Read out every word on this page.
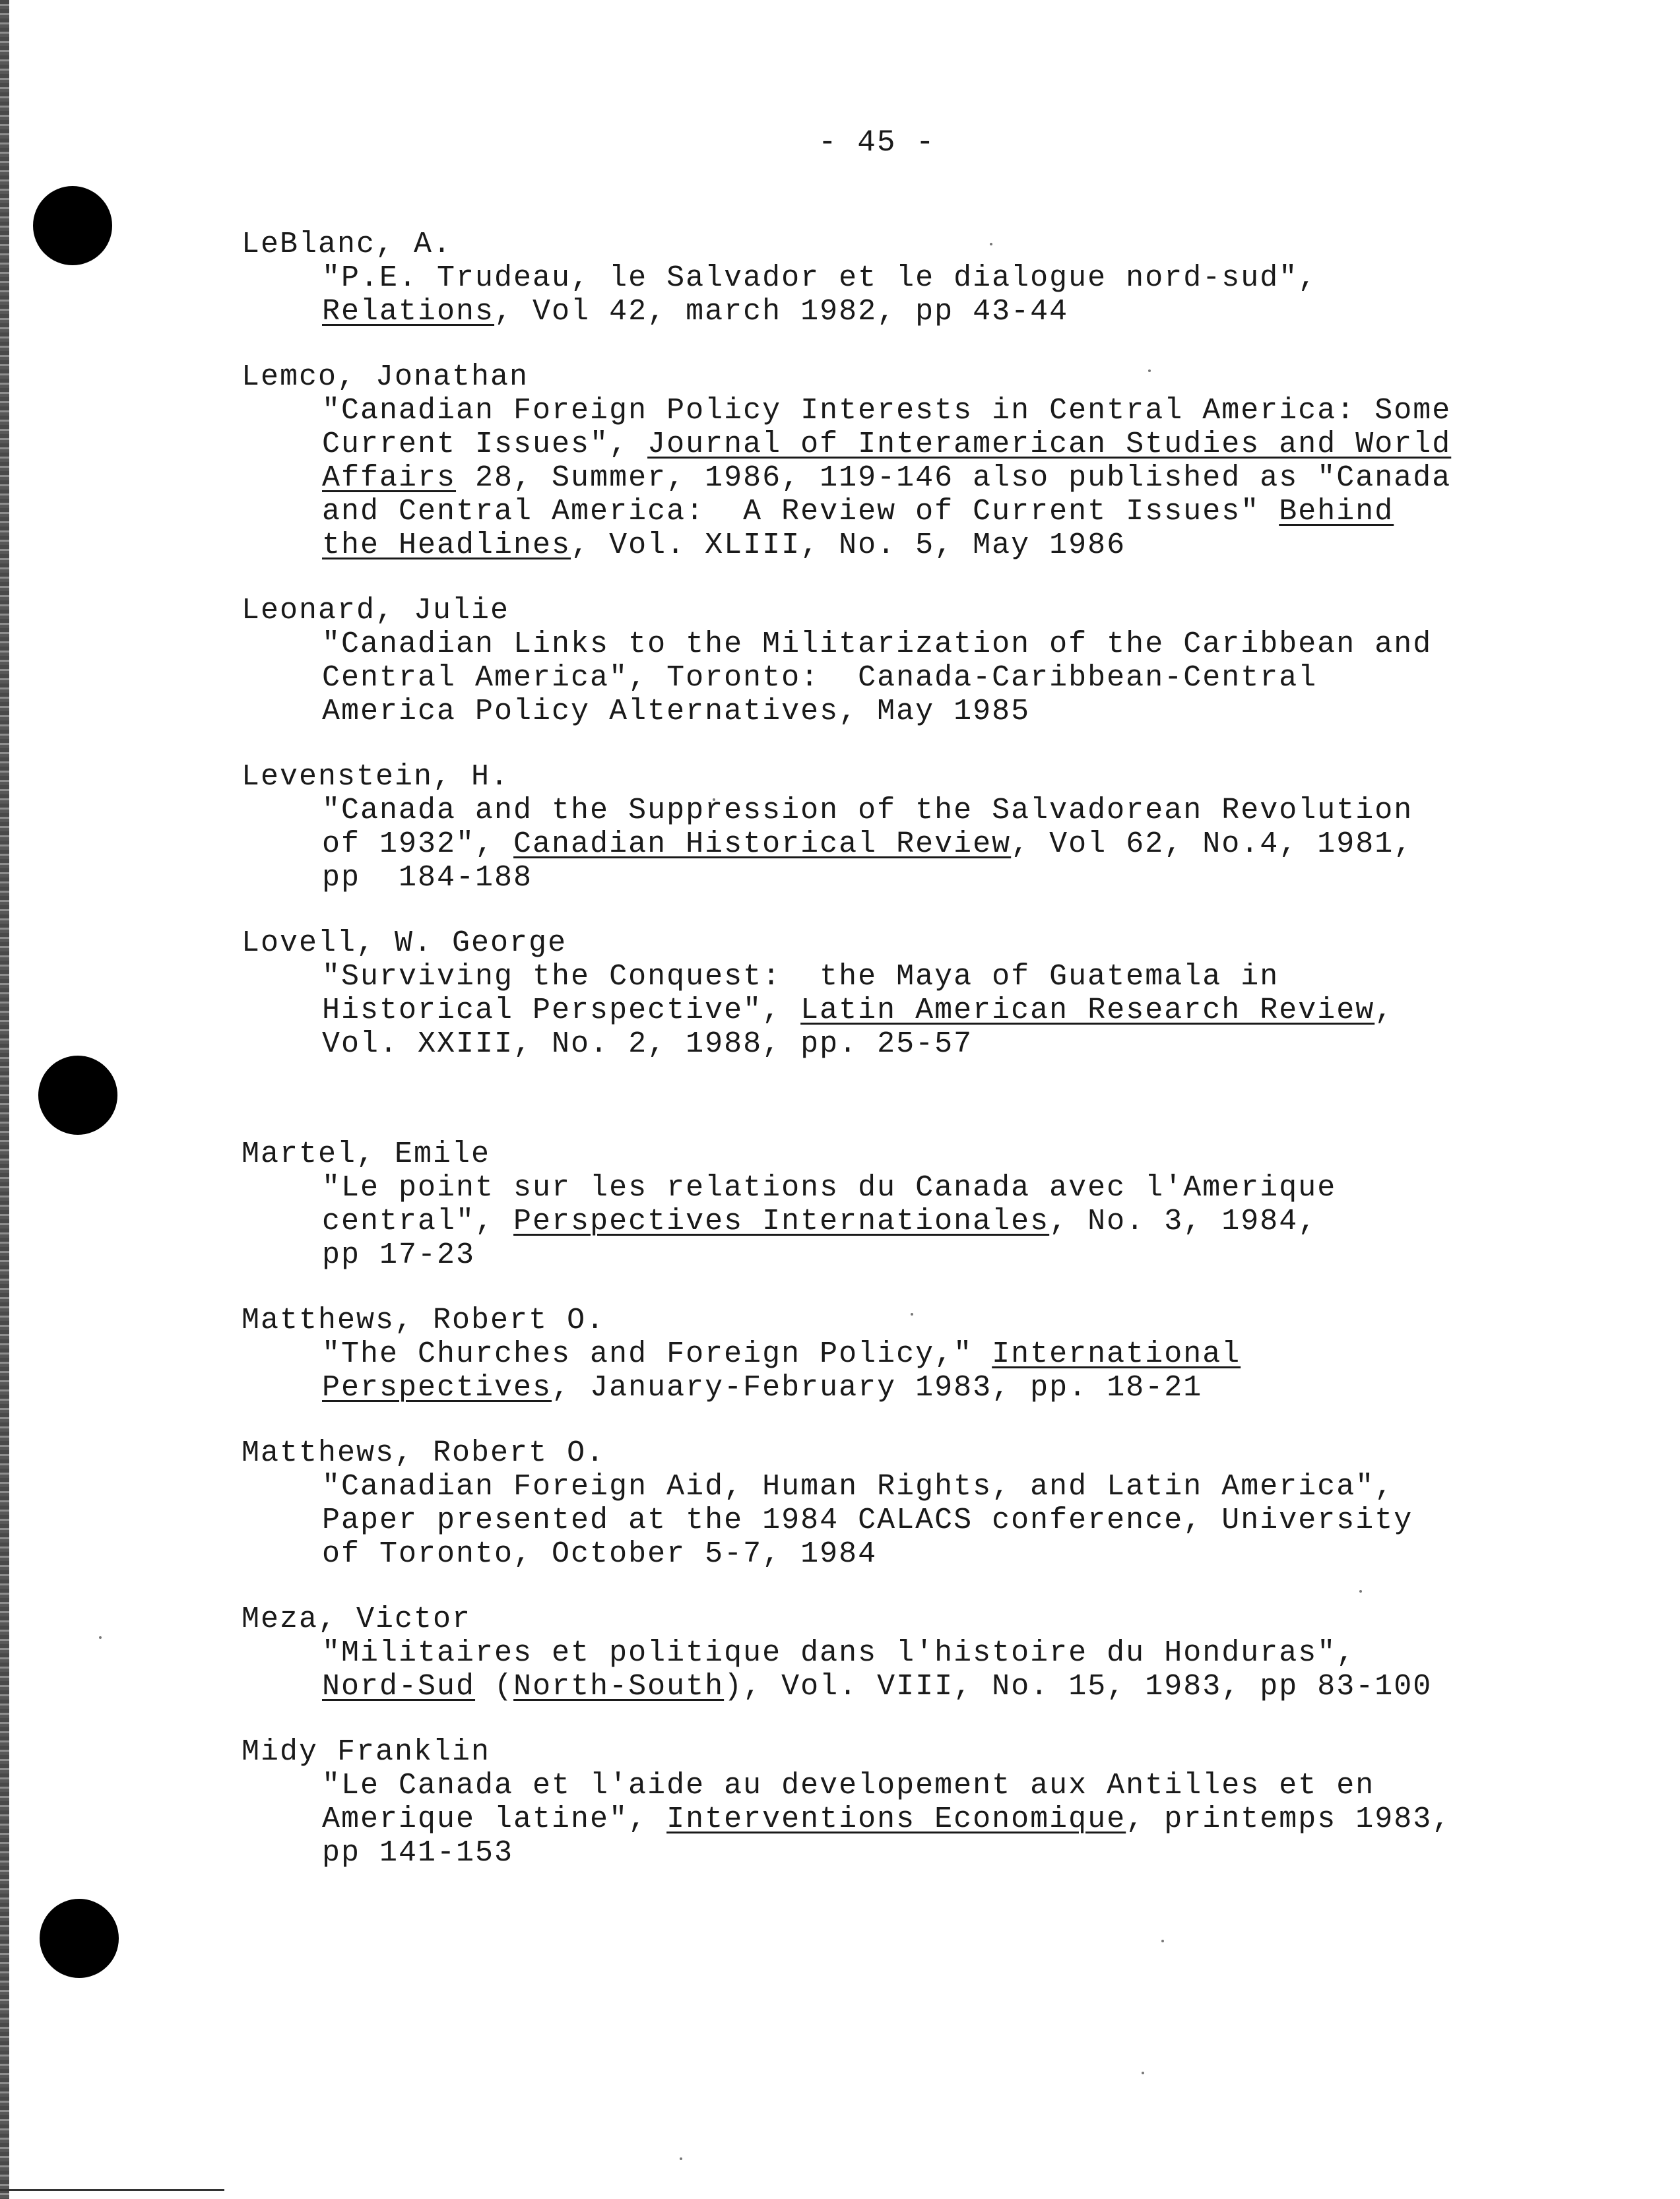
- 45 -
LeBlanc, A.
"P.E. Trudeau, le Salvador et le dialogue nord-sud",
Relations, Vol 42, march 1982, pp 43-44
Lemco, Jonathan
"Canadian Foreign Policy Interests in Central America: Some
Current Issues", Journal of Interamerican Studies and World
Affairs 28, Summer, 1986, 119-146 also published as "Canada
and Central America:  A Review of Current Issues" Behind
the Headlines, Vol. XLIII, No. 5, May 1986
Leonard, Julie
"Canadian Links to the Militarization of the Caribbean and
Central America", Toronto:  Canada-Caribbean-Central
America Policy Alternatives, May 1985
Levenstein, H.
"Canada and the Suppression of the Salvadorean Revolution
of 1932", Canadian Historical Review, Vol 62, No.4, 1981,
pp  184-188
Lovell, W. George
"Surviving the Conquest:  the Maya of Guatemala in
Historical Perspective", Latin American Research Review,
Vol. XXIII, No. 2, 1988, pp. 25-57
Martel, Emile
"Le point sur les relations du Canada avec l'Amerique
central", Perspectives Internationales, No. 3, 1984,
pp 17-23
Matthews, Robert O.
"The Churches and Foreign Policy," International
Perspectives, January-February 1983, pp. 18-21
Matthews, Robert O.
"Canadian Foreign Aid, Human Rights, and Latin America",
Paper presented at the 1984 CALACS conference, University
of Toronto, October 5-7, 1984
Meza, Victor
"Militaires et politique dans l'histoire du Honduras",
Nord-Sud (North-South), Vol. VIII, No. 15, 1983, pp 83-100
Midy Franklin
"Le Canada et l'aide au developement aux Antilles et en
Amerique latine", Interventions Economique, printemps 1983,
pp 141-153
